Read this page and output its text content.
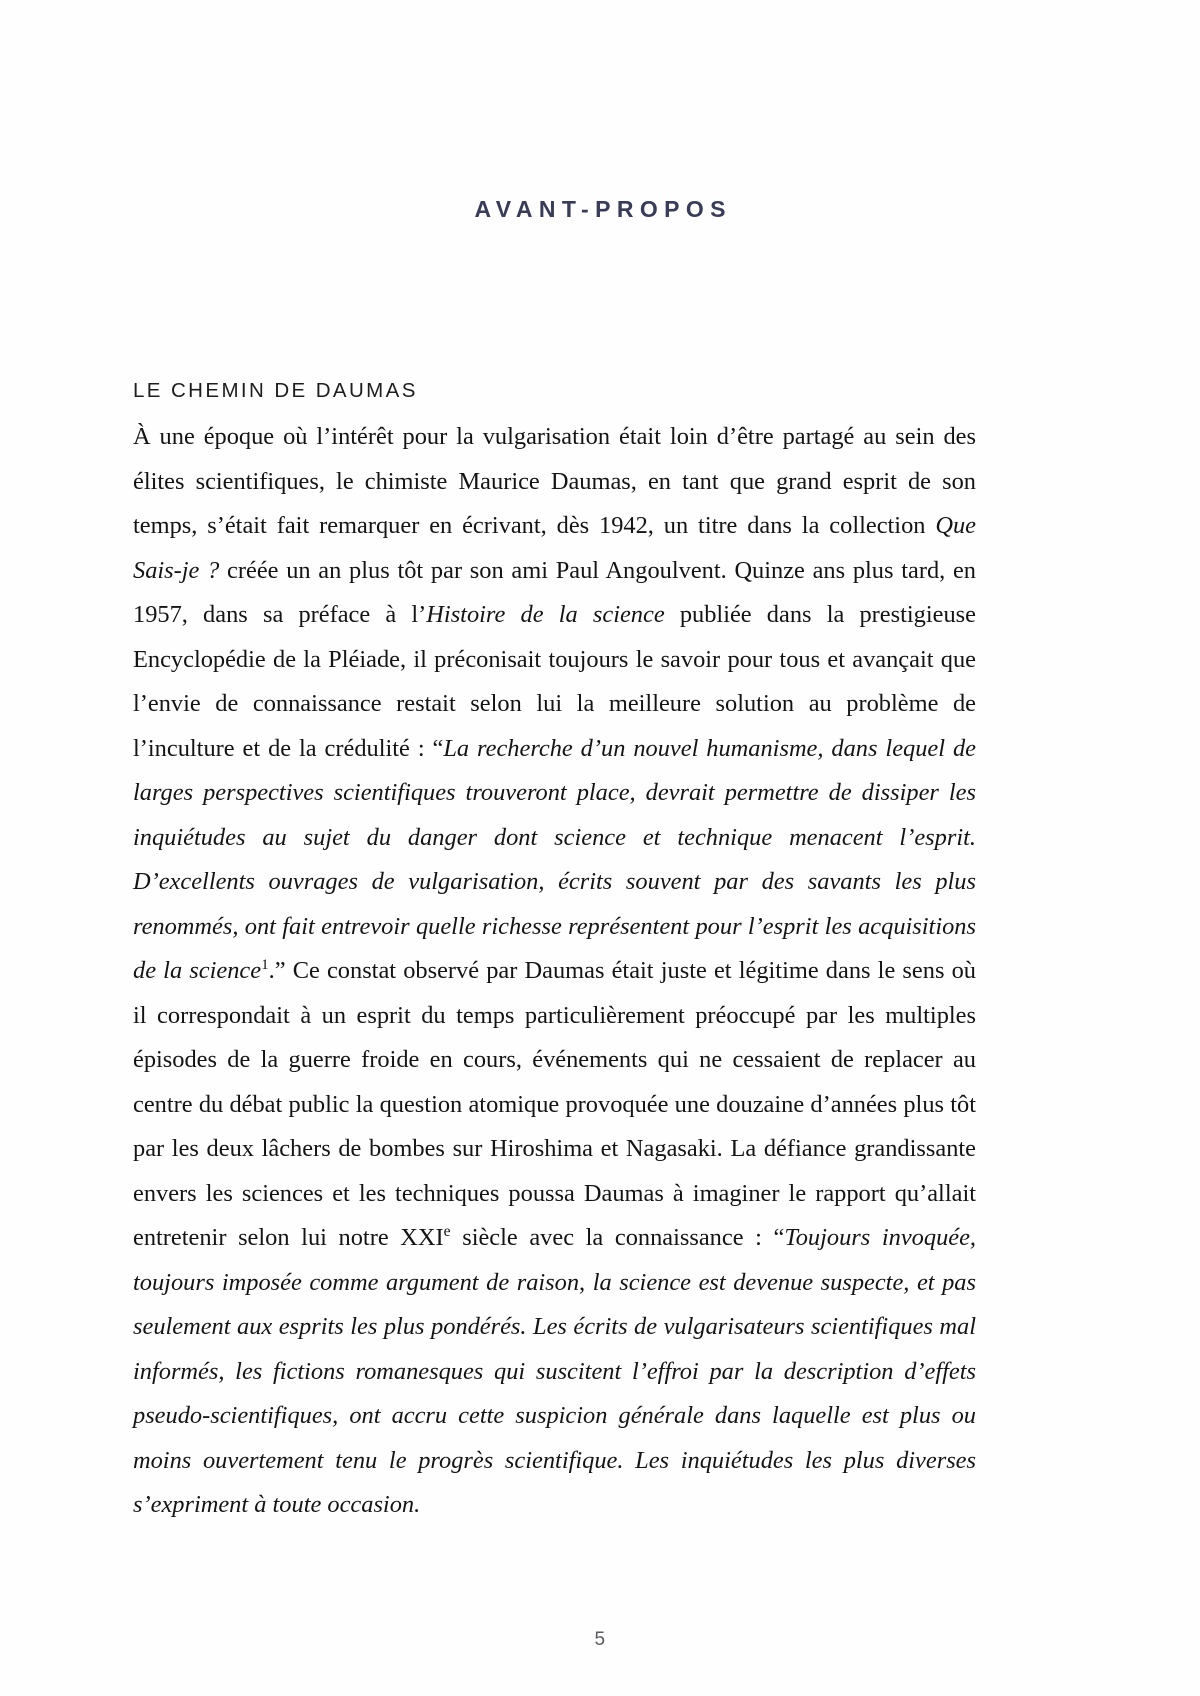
AVANT-PROPOS
LE CHEMIN DE DAUMAS

À une époque où l’intérêt pour la vulgarisation était loin d’être partagé au sein des élites scientifiques, le chimiste Maurice Daumas, en tant que grand esprit de son temps, s’était fait remarquer en écrivant, dès 1942, un titre dans la collection Que Sais-je ? créée un an plus tôt par son ami Paul Angoulvent. Quinze ans plus tard, en 1957, dans sa préface à l’Histoire de la science publiée dans la prestigieuse Encyclopédie de la Pléiade, il préconisait toujours le savoir pour tous et avançait que l’envie de connaissance restait selon lui la meilleure solution au problème de l’inculture et de la crédulité : “La recherche d’un nouvel humanisme, dans lequel de larges perspectives scientifiques trouveront place, devrait permettre de dissiper les inquiétudes au sujet du danger dont science et technique menacent l’esprit. D’excellents ouvrages de vulgarisation, écrits souvent par des savants les plus renommés, ont fait entrevoir quelle richesse représentent pour l’esprit les acquisitions de la science$^1$.” Ce constat observé par Daumas était juste et légitime dans le sens où il correspondait à un esprit du temps particulièrement préoccupé par les multiples épisodes de la guerre froide en cours, événements qui ne cessaient de replacer au centre du débat public la question atomique provoquée une douzaine d’années plus tôt par les deux lâchers de bombes sur Hiroshima et Nagasaki. La défiance grandissante envers les sciences et les techniques poussa Daumas à imaginer le rapport qu’allait entretenir selon lui notre XXIe siècle avec la connaissance : “Toujours invoquée, toujours imposée comme argument de raison, la science est devenue suspecte, et pas seulement aux esprits les plus pondérés. Les écrits de vulgarisateurs scientifiques mal informés, les fictions romanesques qui suscitent l’effroi par la description d’effets pseudo-scientifiques, ont accru cette suspicion générale dans laquelle est plus ou moins ouvertement tenu le progrès scientifique. Les inquiétudes les plus diverses s’expriment à toute occasion.

5
